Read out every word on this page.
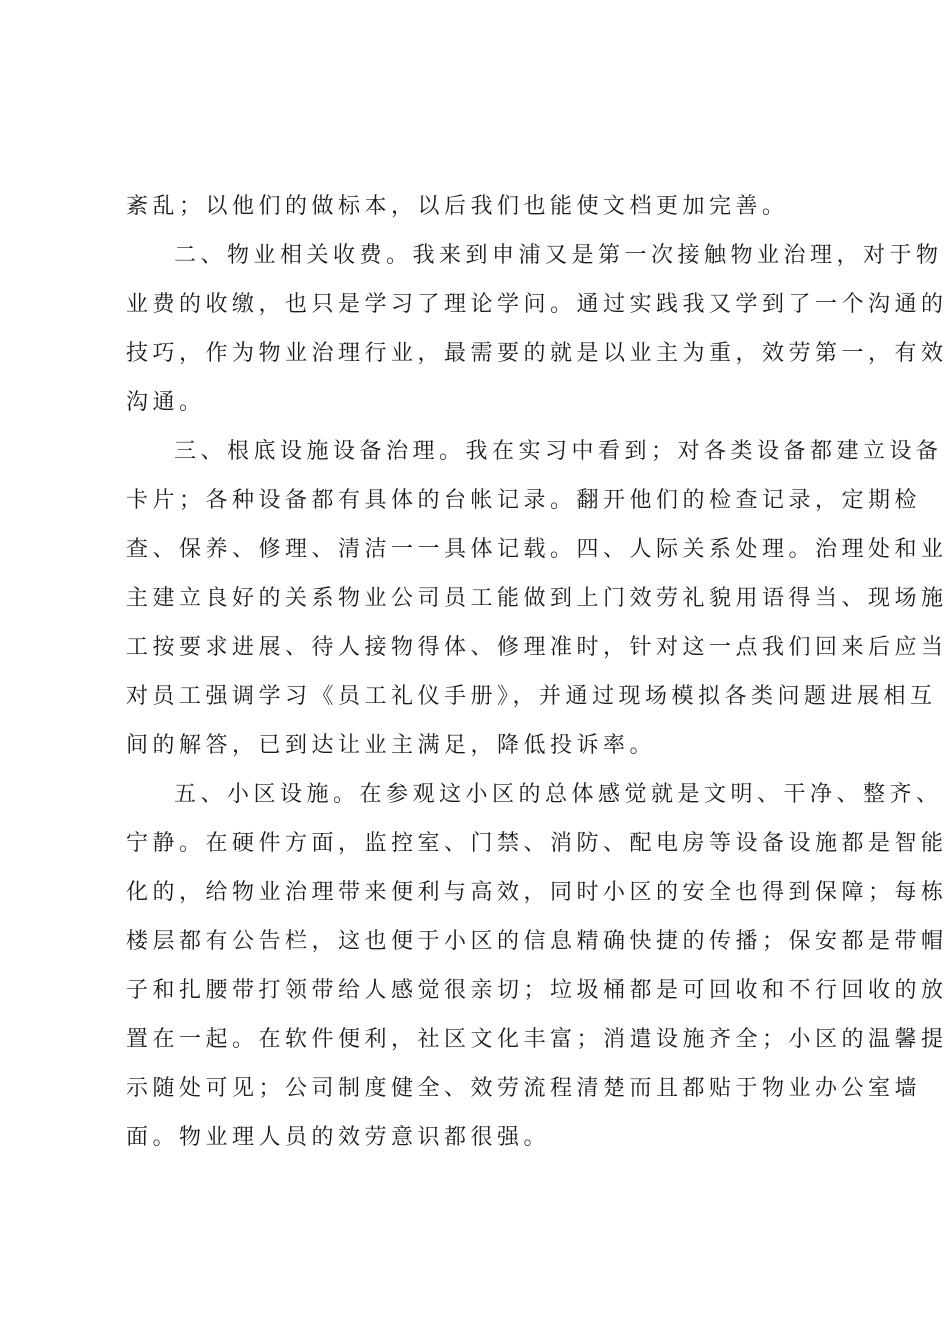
紊乱；以他们的做标本，以后我们也能使文档更加完善。
二、物业相关收费。我来到申浦又是第一次接触物业治理，对于物
业费的收缴，也只是学习了理论学问。通过实践我又学到了一个沟通的
技巧，作为物业治理行业，最需要的就是以业主为重，效劳第一，有效
沟通。
三、根底设施设备治理。我在实习中看到；对各类设备都建立设备
卡片；各种设备都有具体的台帐记录。翻开他们的检查记录，定期检
查、保养、修理、清洁一一具体记载。四、人际关系处理。治理处和业
主建立良好的关系物业公司员工能做到上门效劳礼貌用语得当、现场施
工按要求进展、待人接物得体、修理准时，针对这一点我们回来后应当
对员工强调学习《员工礼仪手册》，并通过现场模拟各类问题进展相互
间的解答，已到达让业主满足，降低投诉率。
五、小区设施。在参观这小区的总体感觉就是文明、干净、整齐、
宁静。在硬件方面，监控室、门禁、消防、配电房等设备设施都是智能
化的，给物业治理带来便利与高效，同时小区的安全也得到保障；每栋
楼层都有公告栏，这也便于小区的信息精确快捷的传播；保安都是带帽
子和扎腰带打领带给人感觉很亲切；垃圾桶都是可回收和不行回收的放
置在一起。在软件便利，社区文化丰富；消遣设施齐全；小区的温馨提
示随处可见；公司制度健全、效劳流程清楚而且都贴于物业办公室墙
面。物业理人员的效劳意识都很强。
